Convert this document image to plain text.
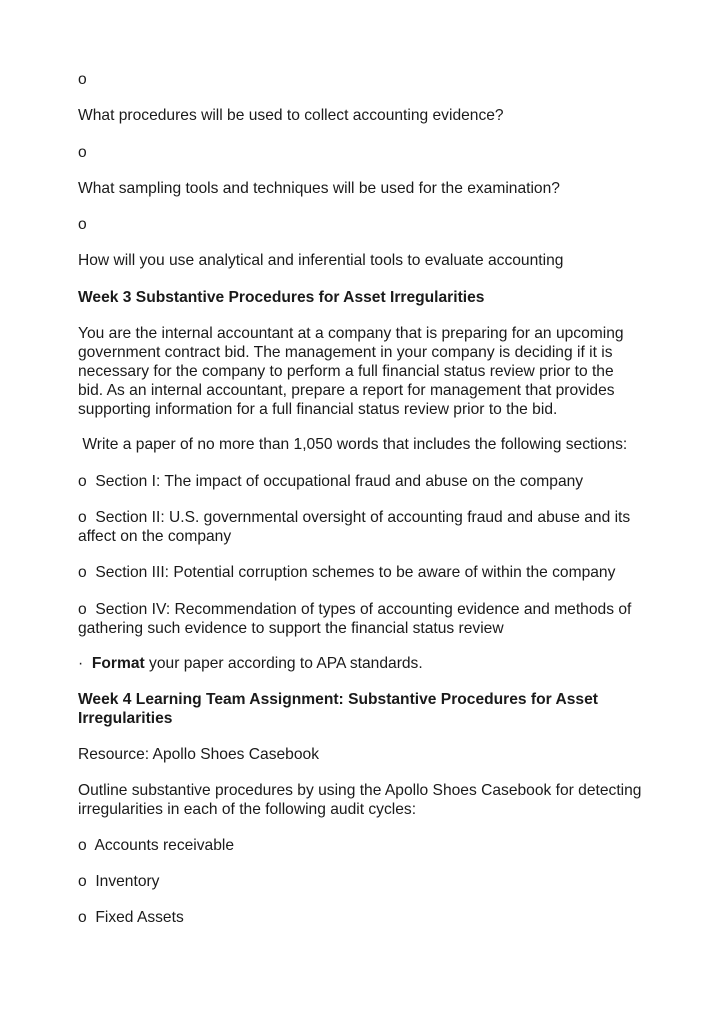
o

What procedures will be used to collect accounting evidence?

o

What sampling tools and techniques will be used for the examination?

o

How will you use analytical and inferential tools to evaluate accounting

Week 3 Substantive Procedures for Asset Irregularities

You are the internal accountant at a company that is preparing for an upcoming
government contract bid. The management in your company is deciding if it is
necessary for the company to perform a full financial status review prior to the
bid. As an internal accountant, prepare a report for management that provides
supporting information for a full financial status review prior to the bid.

Write a paper of no more than 1,050 words that includes the following sections:

o  Section I: The impact of occupational fraud and abuse on the company

o  Section II: U.S. governmental oversight of accounting fraud and abuse and its
affect on the company

o  Section III: Potential corruption schemes to be aware of within the company

o  Section IV: Recommendation of types of accounting evidence and methods of
gathering such evidence to support the financial status review

·  Format your paper according to APA standards.

Week 4 Learning Team Assignment: Substantive Procedures for Asset
Irregularities

Resource: Apollo Shoes Casebook

Outline substantive procedures by using the Apollo Shoes Casebook for detecting
irregularities in each of the following audit cycles:

o  Accounts receivable

o  Inventory

o  Fixed Assets
